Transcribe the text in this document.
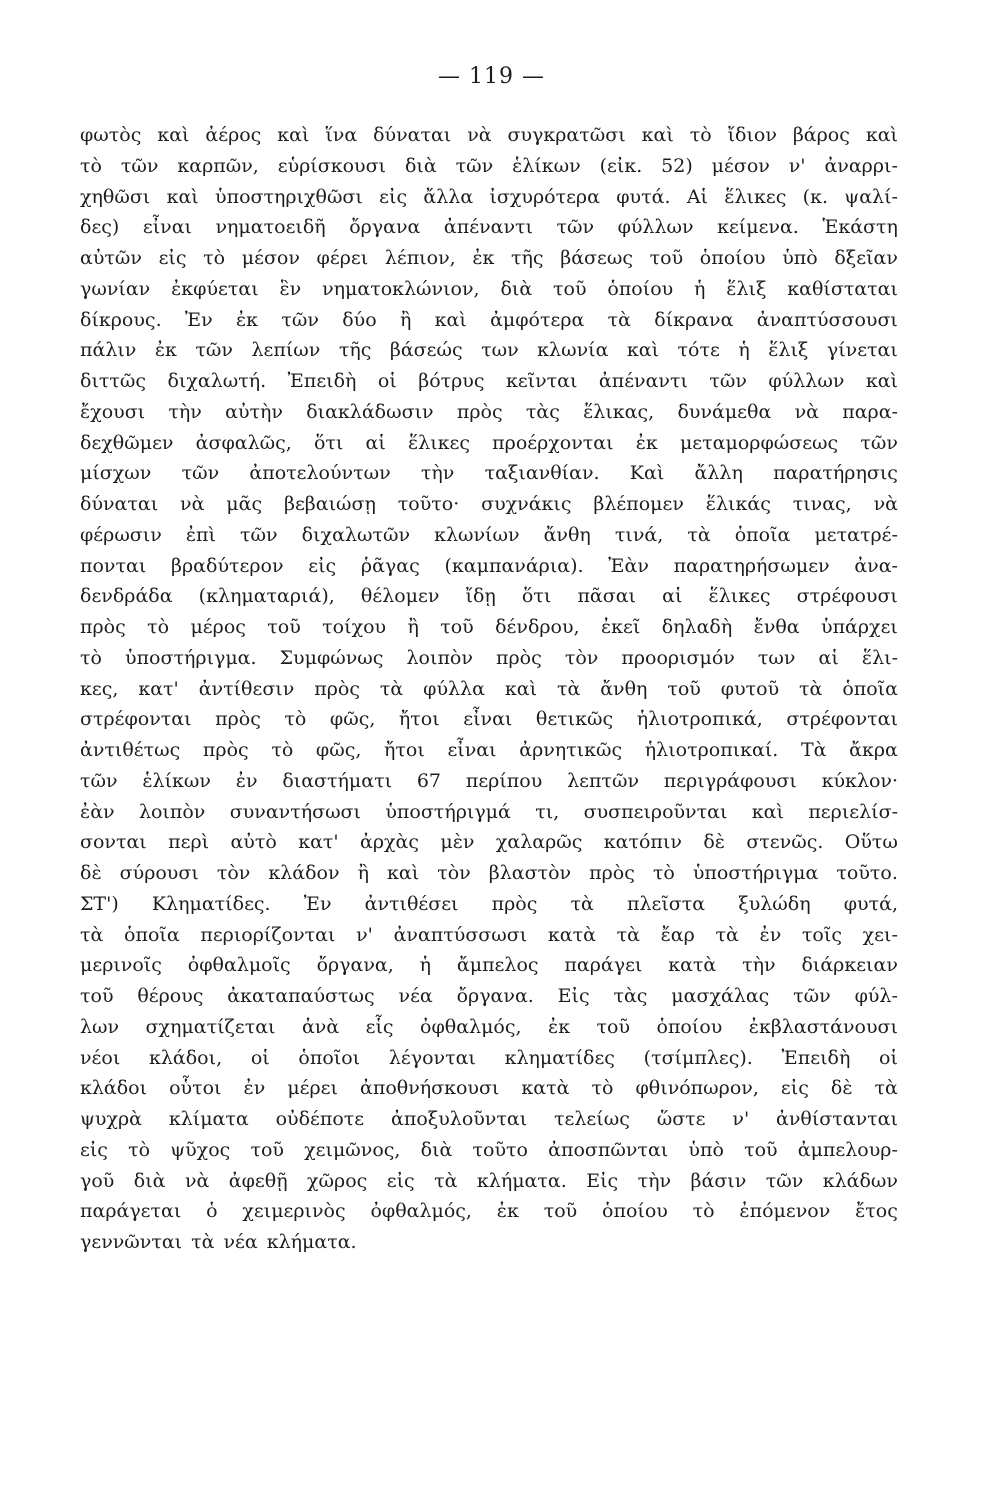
— 119 —
φωτὸς καὶ ἀέρος καὶ ἵνα δύναται νὰ συγκρατῶσι καὶ τὸ ἴδιον βάρος καὶ
τὸ τῶν καρπῶν, εὑρίσκουσι διὰ τῶν ἑλίκων (εἰκ. 52) μέσον ν' ἀναρρι-
χηθῶσι καὶ ὑποστηριχθῶσι εἰς ἄλλα ἰσχυρότερα φυτά. Αἱ ἕλικες (κ. ψαλί-
δες) εἶναι νηματοειδῆ ὄργανα ἀπέναντι τῶν φύλλων κείμενα. Ἑκάστη
αὐτῶν εἰς τὸ μέσον φέρει λέπιον, ἐκ τῆς βάσεως τοῦ ὁποίου ὑπὸ δξεῖαν
γωνίαν ἐκφύεται ἓν νηματοκλώνιον, διὰ τοῦ ὁποίου ἡ ἕλιξ καθίσταται
δίκρους. Ἐν ἐκ τῶν δύο ἢ καὶ ἀμφότερα τὰ δίκρανα ἀναπτύσσουσι
πάλιν ἐκ τῶν λεπίων τῆς βάσεώς των κλωνία καὶ τότε ἡ ἕλιξ γίνεται
διττῶς διχαλωτή. Ἐπειδὴ οἱ βότρυς κεῖνται ἀπέναντι τῶν φύλλων καὶ
ἔχουσι τὴν αὐτὴν διακλάδωσιν πρὸς τὰς ἕλικας, δυνάμεθα νὰ παρα-
δεχθῶμεν ἀσφαλῶς, ὅτι αἱ ἕλικες προέρχονται ἐκ μεταμορφώσεως τῶν
μίσχων τῶν ἀποτελούντων τὴν ταξιανθίαν. Καὶ ἄλλη παρατήρησις
δύναται νὰ μᾶς βεβαιώσῃ τοῦτο· συχνάκις βλέπομεν ἕλικάς τινας, νὰ
φέρωσιν ἐπὶ τῶν διχαλωτῶν κλωνίων ἄνθη τινά, τὰ ὁποῖα μετατρέ-
πονται βραδύτερον εἰς ῥᾶγας (καμπανάρια). Ἐὰν παρατηρήσωμεν ἀνα-
δενδράδα (κληματαριά), θέλομεν ἴδῃ ὅτι πᾶσαι αἱ ἕλικες στρέφουσι
πρὸς τὸ μέρος τοῦ τοίχου ἢ τοῦ δένδρου, ἐκεῖ δηλαδὴ ἔνθα ὑπάρχει
τὸ ὑποστήριγμα. Συμφώνως λοιπὸν πρὸς τὸν προορισμόν των αἱ ἕλι-
κες, κατ' ἀντίθεσιν πρὸς τὰ φύλλα καὶ τὰ ἄνθη τοῦ φυτοῦ τὰ ὁποῖα
στρέφονται πρὸς τὸ φῶς, ἤτοι εἶναι θετικῶς ἡλιοτροπικά, στρέφονται
ἀντιθέτως πρὸς τὸ φῶς, ἤτοι εἶναι ἀρνητικῶς ἡλιοτροπικαί. Τὰ ἄκρα
τῶν ἑλίκων ἐν διαστήματι 67 περίπου λεπτῶν περιγράφουσι κύκλον·
ἐὰν λοιπὸν συναντήσωσι ὑποστήριγμά τι, συσπειροῦνται καὶ περιελίσ-
σονται περὶ αὐτὸ κατ' ἀρχὰς μὲν χαλαρῶς κατόπιν δὲ στενῶς. Οὕτω
δὲ σύρουσι τὸν κλάδον ἢ καὶ τὸν βλαστὸν πρὸς τὸ ὑποστήριγμα τοῦτο.
ΣΤ') Κληματίδες. Ἐν ἀντιθέσει πρὸς τὰ πλεῖστα ξυλώδη φυτά,
τὰ ὁποῖα περιορίζονται ν' ἀναπτύσσωσι κατὰ τὰ ἔαρ τὰ ἐν τοῖς χει-
μερινοῖς ὀφθαλμοῖς ὄργανα, ἡ ἄμπελος παράγει κατὰ τὴν διάρκειαν
τοῦ θέρους ἀκαταπαύστως νέα ὄργανα. Εἰς τὰς μασχάλας τῶν φύλ-
λων σχηματίζεται ἀνὰ εἷς ὀφθαλμός, ἐκ τοῦ ὁποίου ἐκβλαστάνουσι
νέοι κλάδοι, οἱ ὁποῖοι λέγονται κληματίδες (τσίμπλες). Ἐπειδὴ οἱ
κλάδοι οὗτοι ἐν μέρει ἀποθνήσκουσι κατὰ τὸ φθινόπωρον, εἰς δὲ τὰ
ψυχρὰ κλίματα οὐδέποτε ἀποξυλοῦνται τελείως ὥστε ν' ἀνθίστανται
εἰς τὸ ψῦχος τοῦ χειμῶνος, διὰ τοῦτο ἀποσπῶνται ὑπὸ τοῦ ἀμπελουρ-
γοῦ διὰ νὰ ἀφεθῇ χῶρος εἰς τὰ κλήματα. Εἰς τὴν βάσιν τῶν κλάδων
παράγεται ὁ χειμερινὸς ὀφθαλμός, ἐκ τοῦ ὁποίου τὸ ἐπόμενον ἔτος
γεννῶνται τὰ νέα κλήματα.
